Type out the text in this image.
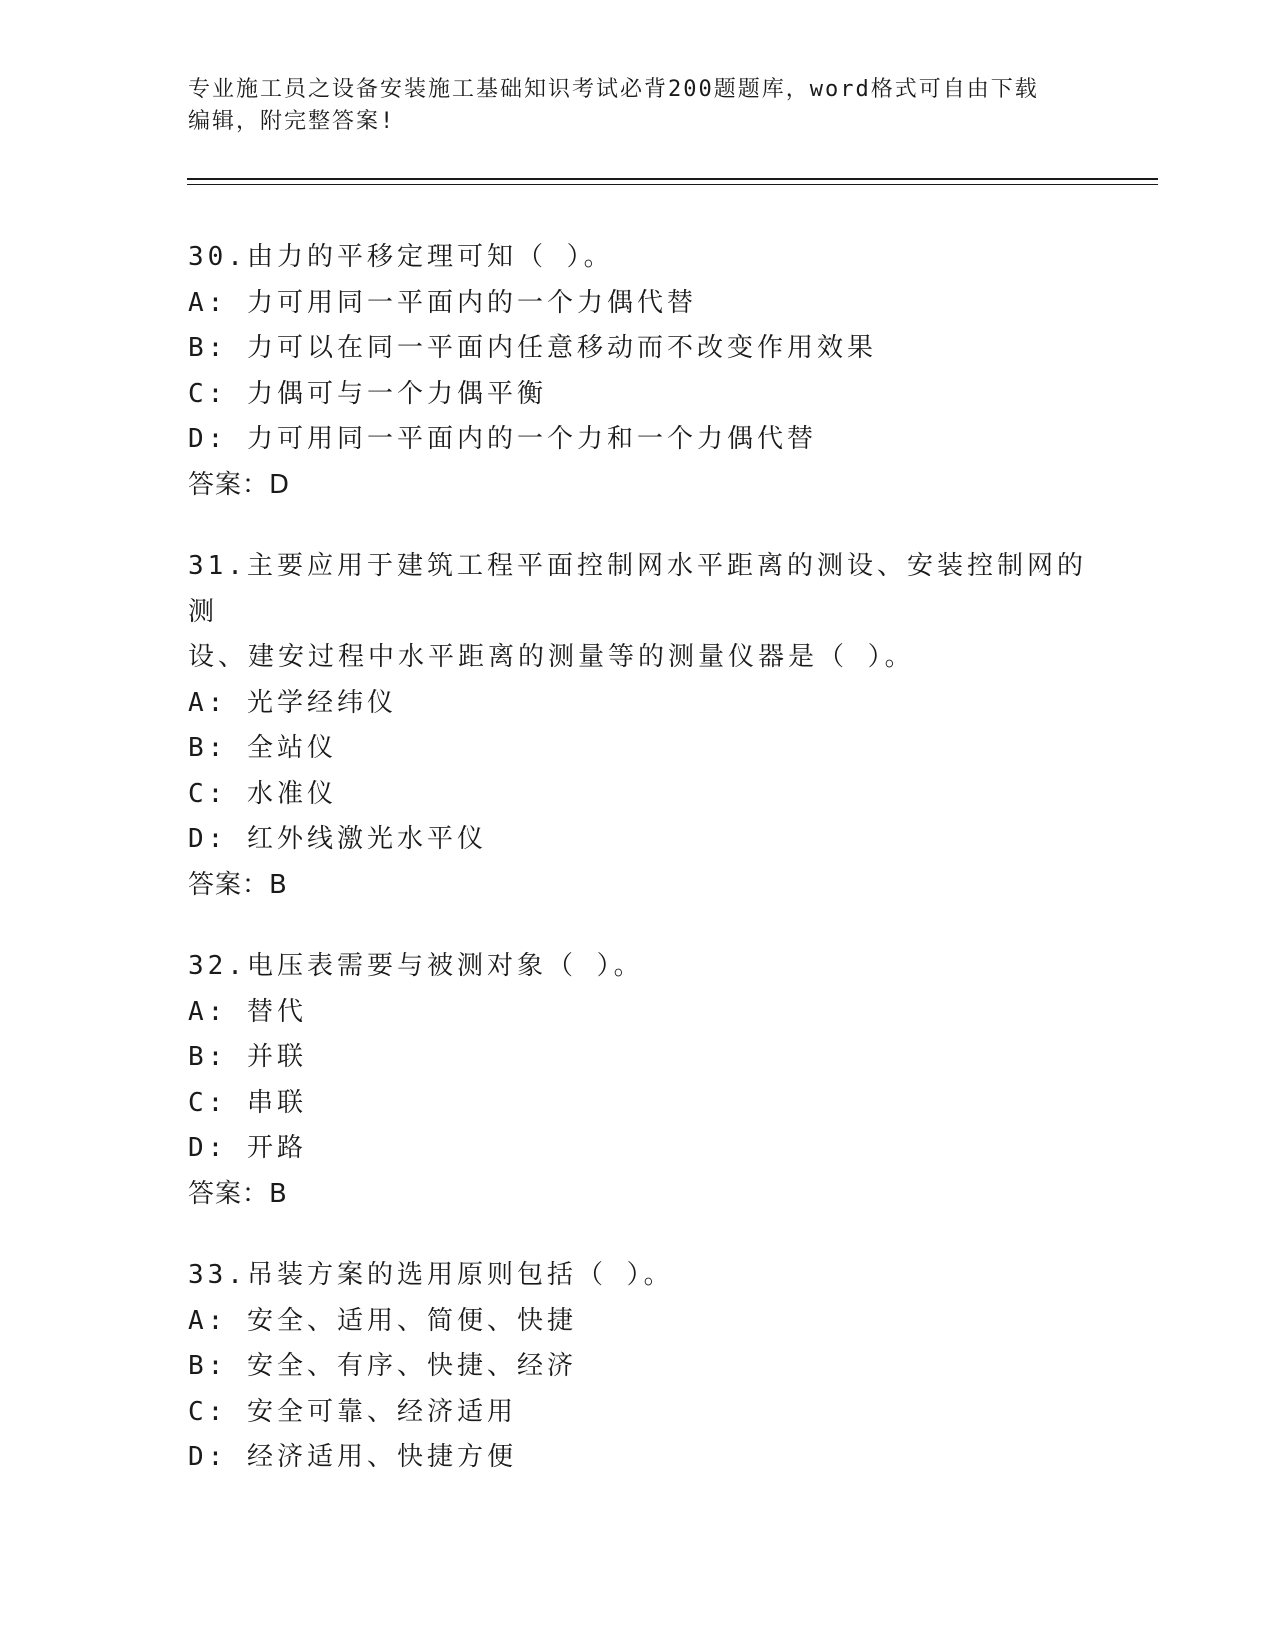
专业施工员之设备安装施工基础知识考试必背200题题库，word格式可自由下载
编辑，附完整答案!

30.由力的平移定理可知（ ）。

A: 力可用同一平面内的一个力偶代替

B: 力可以在同一平面内任意移动而不改变作用效果

C: 力偶可与一个力偶平衡

D: 力可用同一平面内的一个力和一个力偶代替

答案：D

31.主要应用于建筑工程平面控制网水平距离的测设、安装控制网的测

设、建安过程中水平距离的测量等的测量仪器是（ ）。

A: 光学经纬仪

B: 全站仪

C: 水准仪

D: 红外线激光水平仪

答案：B

32.电压表需要与被测对象（ ）。

A: 替代

B: 并联

C: 串联

D: 开路

答案：B

33.吊装方案的选用原则包括（ ）。

A: 安全、适用、简便、快捷

B: 安全、有序、快捷、经济

C: 安全可靠、经济适用

D: 经济适用、快捷方便
